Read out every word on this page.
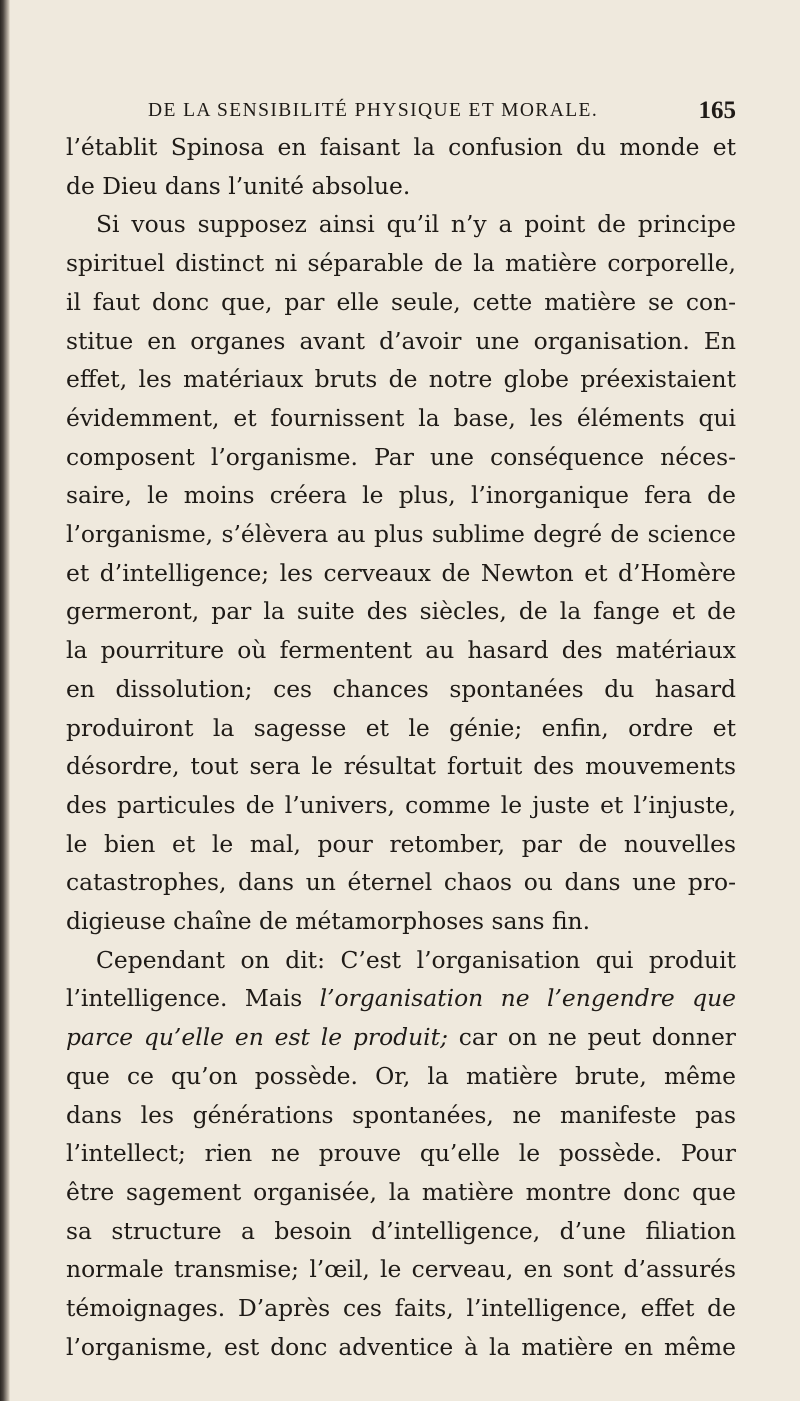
DE LA SENSIBILITÉ PHYSIQUE ET MORALE.	165
l’établit Spinosa en faisant la confusion du monde et
de Dieu dans l’unité absolue.
Si vous supposez ainsi qu’il n’y a point de principe
spirituel distinct ni séparable de la matière corporelle,
il faut donc que, par elle seule, cette matière se con-
stitue en organes avant d’avoir une organisation. En
effet, les matériaux bruts de notre globe préexistaient
évidemment, et fournissent la base, les éléments qui
composent l’organisme. Par une conséquence néces-
saire, le moins créera le plus, l’inorganique fera de
l’organisme, s’élèvera au plus sublime degré de science
et d’intelligence; les cerveaux de Newton et d’Homère
germeront, par la suite des siècles, de la fange et de
la pourriture où fermentent au hasard des matériaux
en dissolution; ces chances spontanées du hasard
produiront la sagesse et le génie; enfin, ordre et
désordre, tout sera le résultat fortuit des mouvements
des particules de l’univers, comme le juste et l’injuste,
le bien et le mal, pour retomber, par de nouvelles
catastrophes, dans un éternel chaos ou dans une pro-
digieuse chaîne de métamorphoses sans fin.
Cependant on dit: C’est l’organisation qui produit
l’intelligence. Mais l’organisation ne l’engendre que
parce qu’elle en est le produit; car on ne peut donner
que ce qu’on possède. Or, la matière brute, même
dans les générations spontanées, ne manifeste pas
l’intellect; rien ne prouve qu’elle le possède. Pour
être sagement organisée, la matière montre donc que
sa structure a besoin d’intelligence, d’une filiation
normale transmise; l’œil, le cerveau, en sont d’assurés
témoignages. D’après ces faits, l’intelligence, effet de
l’organisme, est donc adventice à la matière en même
